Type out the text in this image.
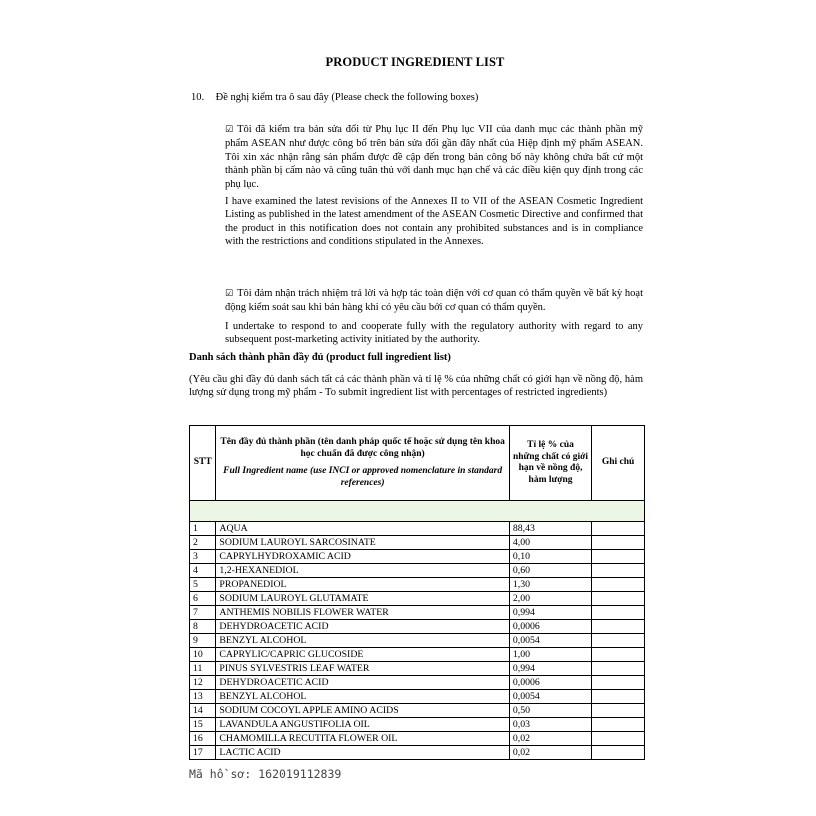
PRODUCT INGREDIENT LIST
10. Đề nghị kiểm tra ô sau đây (Please check the following boxes)
☑ Tôi đã kiểm tra bản sửa đổi từ Phụ lục II đến Phụ lục VII của danh mục các thành phần mỹ phẩm ASEAN như được công bố trên bản sửa đổi gần đây nhất của Hiệp định mỹ phẩm ASEAN. Tôi xin xác nhận rằng sản phẩm được đề cập đến trong bản công bố này không chứa bất cứ một thành phần bị cấm nào và cũng tuân thủ với danh mục hạn chế và các điều kiện quy định trong các phụ lục.
I have examined the latest revisions of the Annexes II to VII of the ASEAN Cosmetic Ingredient Listing as published in the latest amendment of the ASEAN Cosmetic Directive and confirmed that the product in this notification does not contain any prohibited substances and is in compliance with the restrictions and conditions stipulated in the Annexes.
☑ Tôi đảm nhận trách nhiệm trả lời và hợp tác toàn diện với cơ quan có thẩm quyền về bất kỳ hoạt động kiểm soát sau khi bán hàng khi có yêu cầu bởi cơ quan có thẩm quyền.
I undertake to respond to and cooperate fully with the regulatory authority with regard to any subsequent post-marketing activity initiated by the authority.
Danh sách thành phần đầy đủ (product full ingredient list)
(Yêu cầu ghi đầy đủ danh sách tất cả các thành phần và tỉ lệ % của những chất có giới hạn về nồng độ, hàm lượng sử dụng trong mỹ phẩm - To submit ingredient list with percentages of restricted ingredients)
STT	Tên đầy đủ thành phần (tên danh pháp quốc tế hoặc sử dụng tên khoa học chuẩn đã được công nhận)
Full Ingredient name (use INCI or approved nomenclature in standard references)	Tỉ lệ % của những chất có giới hạn về nồng độ, hàm lượng	Ghi chú

1	AQUA	88,43	
2	SODIUM LAUROYL SARCOSINATE	4,00	
3	CAPRYLHYDROXAMIC ACID	0,10	
4	1,2-HEXANEDIOL	0,60	
5	PROPANEDIOL	1,30	
6	SODIUM LAUROYL GLUTAMATE	2,00	
7	ANTHEMIS NOBILIS FLOWER WATER	0,994	
8	DEHYDROACETIC ACID	0,0006	
9	BENZYL ALCOHOL	0,0054	
10	CAPRYLIC/CAPRIC GLUCOSIDE	1,00	
11	PINUS SYLVESTRIS LEAF WATER	0,994	
12	DEHYDROACETIC ACID	0,0006	
13	BENZYL ALCOHOL	0,0054	
14	SODIUM COCOYL APPLE AMINO ACIDS	0,50	
15	LAVANDULA ANGUSTIFOLIA OIL	0,03	
16	CHAMOMILLA RECUTITA FLOWER OIL	0,02	
17	LACTIC ACID	0,02	
Mã hồ sơ: 162019112839
